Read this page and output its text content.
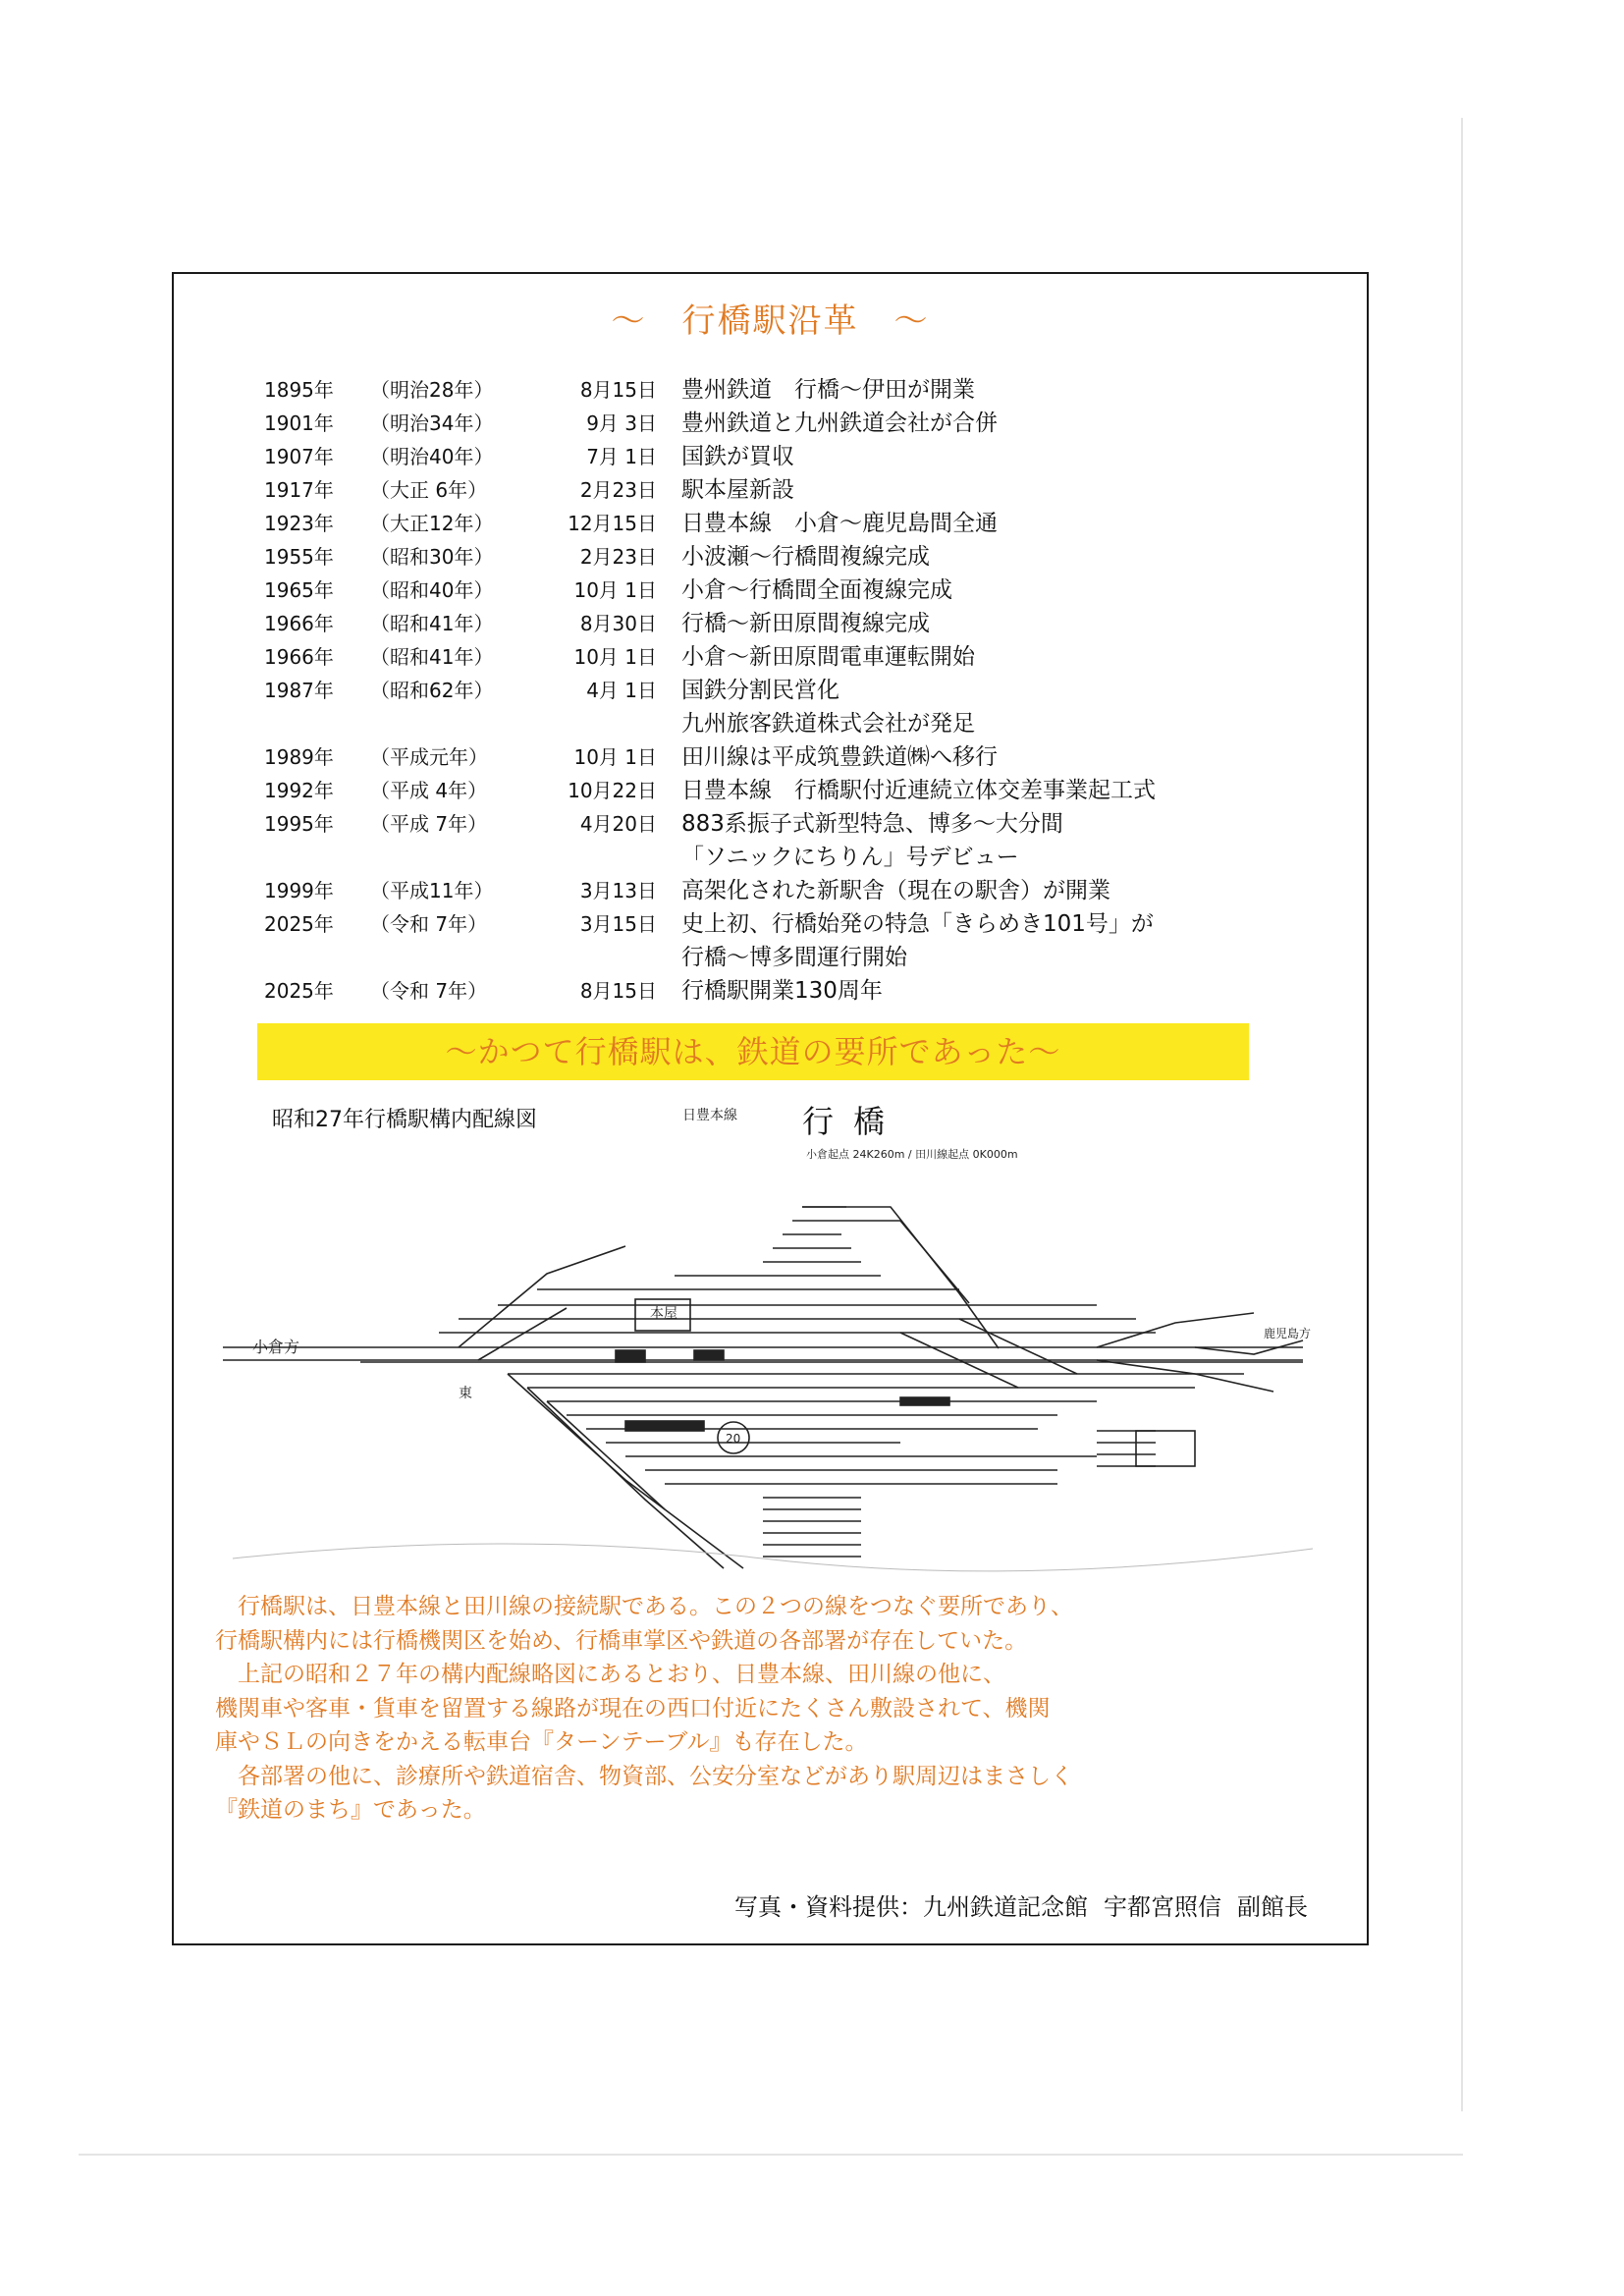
〜 行橋駅沿革 〜
1895年	（明治28年）	8月15日 豊州鉄道　行橋〜伊田が開業
1901年	（明治34年）	9月 3日 豊州鉄道と九州鉄道会社が合併
1907年	（明治40年）	7月 1日 国鉄が買収
1917年	（大正 6年）	2月23日 駅本屋新設
1923年	（大正12年）	12月15日 日豊本線　小倉〜鹿児島間全通
1955年	（昭和30年）	2月23日 小波瀬〜行橋間複線完成
1965年	（昭和40年）	10月 1日 小倉〜行橋間全面複線完成
1966年	（昭和41年）	8月30日 行橋〜新田原間複線完成
1966年	（昭和41年）	10月 1日 小倉〜新田原間電車運転開始
1987年	（昭和62年）	4月 1日 国鉄分割民営化
九州旅客鉄道株式会社が発足
1989年	（平成元年）	10月 1日 田川線は平成筑豊鉄道㈱へ移行
1992年	（平成 4年）	10月22日 日豊本線　行橋駅付近連続立体交差事業起工式
1995年	（平成 7年）	4月20日 883系振子式新型特急、博多〜大分間
「ソニックにちりん」号デビュー
1999年	（平成11年）	3月13日 高架化された新駅舎（現在の駅舎）が開業
2025年	（令和 7年）	3月15日 史上初、行橋始発の特急「きらめき101号」が
行橋〜博多間運行開始
2025年	（令和 7年）	8月15日 行橋駅開業130周年
〜かつて行橋駅は、鉄道の要所であった〜
小倉方
鹿児島方
本屋
東
20
小倉起点 24K260m / 田川線起点 0K000m
昭和27年行橋駅構内配線図	日豊本線 行橋

　行橋駅は、日豊本線と田川線の接続駅である。この２つの線をつなぐ要所であり、

行橋駅構内には行橋機関区を始め、行橋車掌区や鉄道の各部署が存在していた。

　上記の昭和２７年の構内配線略図にあるとおり、日豊本線、田川線の他に、

機関車や客車・貨車を留置する線路が現在の西口付近にたくさん敷設されて、機関

庫やＳＬの向きをかえる転車台『ターンテーブル』も存在した。

　各部署の他に、診療所や鉄道宿舎、物資部、公安分室などがあり駅周辺はまさしく

『鉄道のまち』であった。

写真・資料提供：九州鉄道記念館 宇都宮照信 副館長
